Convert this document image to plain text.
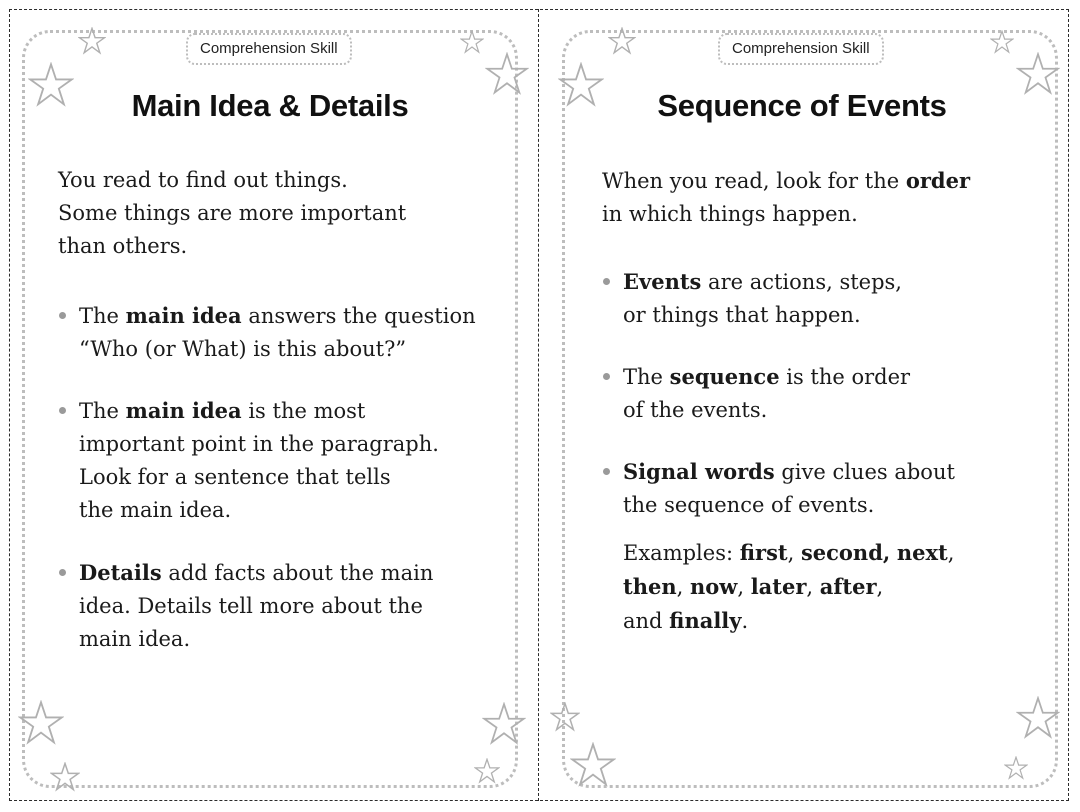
Comprehension Skill
Main Idea & Details
You read to find out things.
Some things are more important
than others.
The main idea answers the question
“Who (or What) is this about?”
The main idea is the most
important point in the paragraph.
Look for a sentence that tells
the main idea.
Details add facts about the main
idea. Details tell more about the
main idea.
Comprehension Skill
Sequence of Events
When you read, look for the order
in which things happen.
Events are actions, steps,
or things that happen.
The sequence is the order
of the events.
Signal words give clues about
the sequence of events.
Examples: first, second, next,
then, now, later, after,
and finally.
